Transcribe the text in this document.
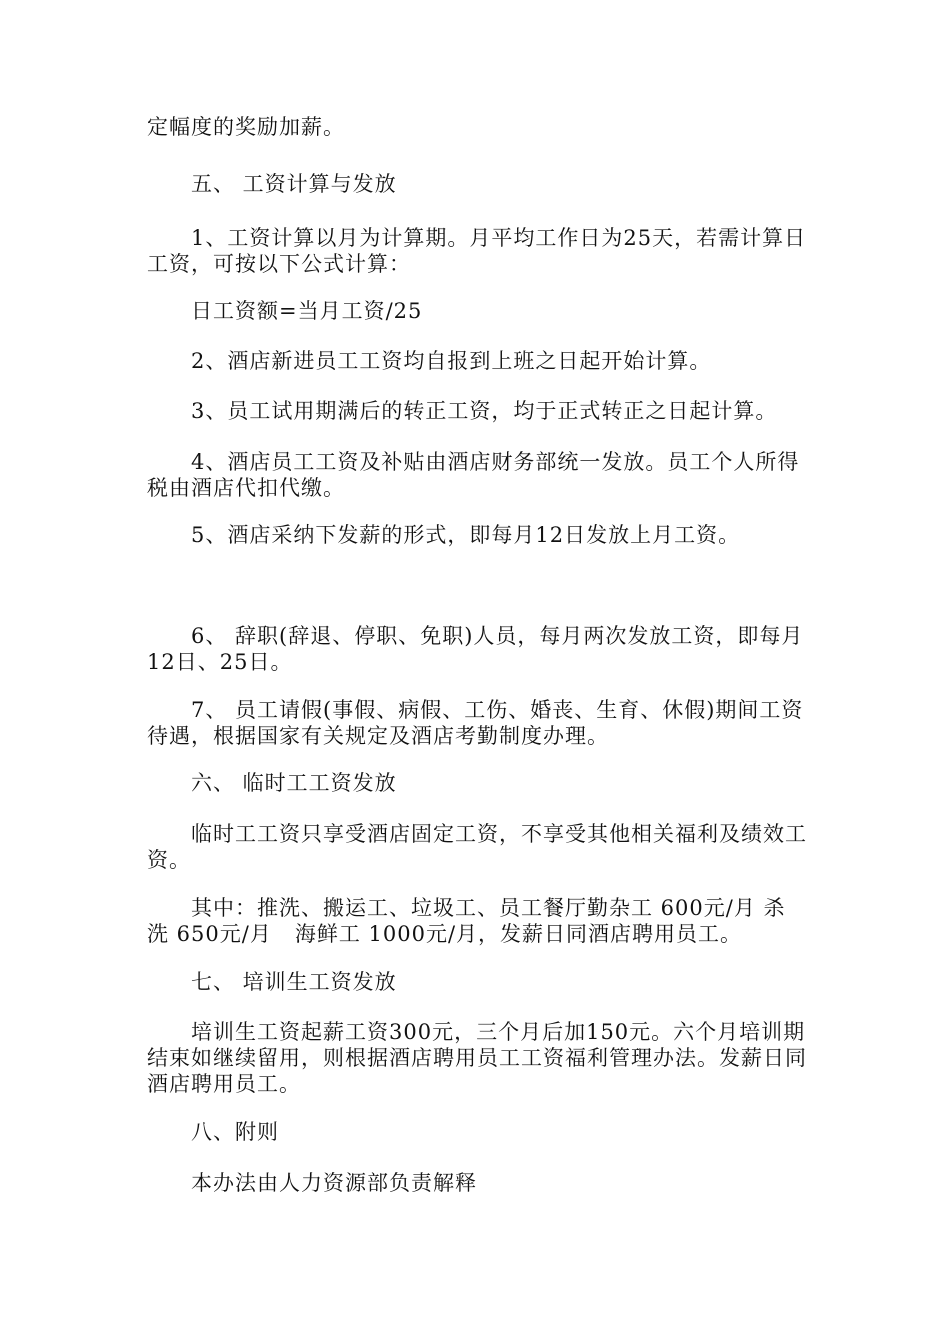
定幅度的奖励加薪。

五、 工资计算与发放

1、工资计算以月为计算期。月平均工作日为25天，若需计算日工资，可按以下公式计算：

日工资额=当月工资/25

2、酒店新进员工工资均自报到上班之日起开始计算。

3、员工试用期满后的转正工资，均于正式转正之日起计算。

4、酒店员工工资及补贴由酒店财务部统一发放。员工个人所得税由酒店代扣代缴。

5、酒店采纳下发薪的形式，即每月12日发放上月工资。

6、 辞职(辞退、停职、免职)人员，每月两次发放工资，即每月12日、25日。

7、 员工请假(事假、病假、工伤、婚丧、生育、休假)期间工资待遇，根据国家有关规定及酒店考勤制度办理。

六、 临时工工资发放

临时工工资只享受酒店固定工资，不享受其他相关福利及绩效工资。

其中：推洗、搬运工、垃圾工、员工餐厅勤杂工 600元/月 杀洗 650元/月   海鲜工 1000元/月，发薪日同酒店聘用员工。

七、 培训生工资发放

培训生工资起薪工资300元，三个月后加150元。六个月培训期结束如继续留用，则根据酒店聘用员工工资福利管理办法。发薪日同酒店聘用员工。

八、附则

本办法由人力资源部负责解释
